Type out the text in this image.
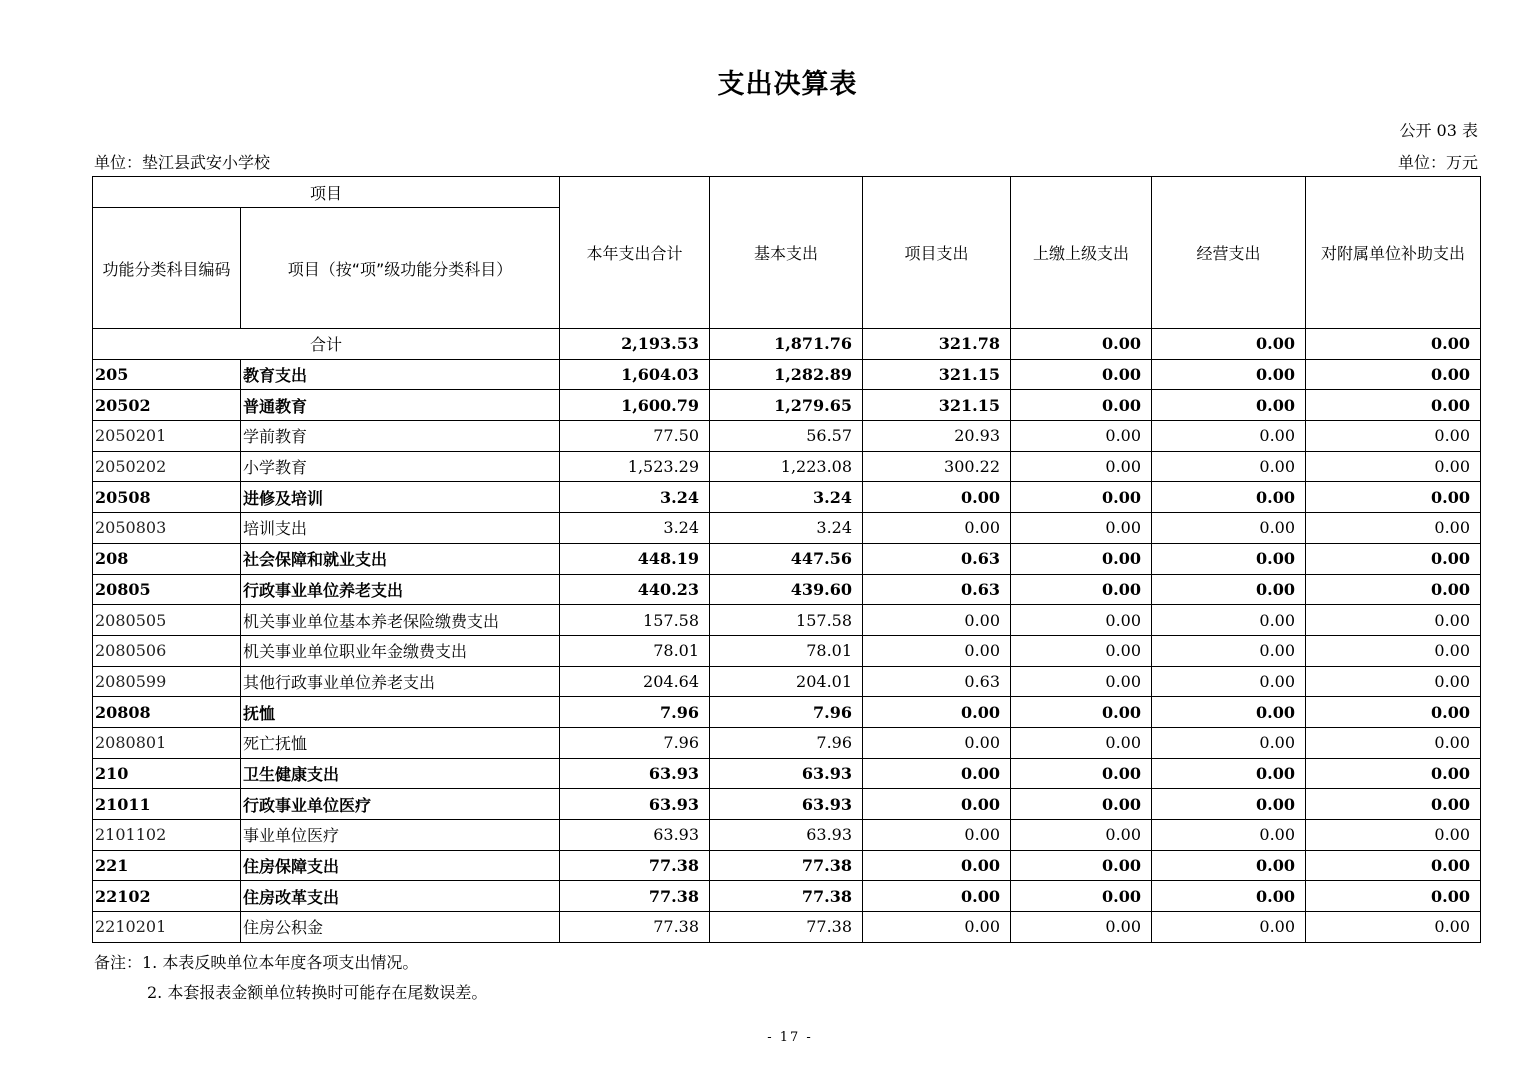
支出决算表
公开 03 表
单位：垫江县武安小学校	单位：万元
项目		本年支出合计	基本支出	项目支出	上缴上级支出	经营支出	对附属单位补助支出
功能分类科目编码	项目（按“项”级功能分类科目）						
合计		2,193.53	1,871.76	321.78	0.00	0.00	0.00
205	教育支出	1,604.03	1,282.89	321.15	0.00	0.00	0.00
20502	普通教育	1,600.79	1,279.65	321.15	0.00	0.00	0.00
2050201	学前教育	77.50	56.57	20.93	0.00	0.00	0.00
2050202	小学教育	1,523.29	1,223.08	300.22	0.00	0.00	0.00
20508	进修及培训	3.24	3.24	0.00	0.00	0.00	0.00
2050803	培训支出	3.24	3.24	0.00	0.00	0.00	0.00
208	社会保障和就业支出	448.19	447.56	0.63	0.00	0.00	0.00
20805	行政事业单位养老支出	440.23	439.60	0.63	0.00	0.00	0.00
2080505	机关事业单位基本养老保险缴费支出	157.58	157.58	0.00	0.00	0.00	0.00
2080506	机关事业单位职业年金缴费支出	78.01	78.01	0.00	0.00	0.00	0.00
2080599	其他行政事业单位养老支出	204.64	204.01	0.63	0.00	0.00	0.00
20808	抚恤	7.96	7.96	0.00	0.00	0.00	0.00
2080801	死亡抚恤	7.96	7.96	0.00	0.00	0.00	0.00
210	卫生健康支出	63.93	63.93	0.00	0.00	0.00	0.00
21011	行政事业单位医疗	63.93	63.93	0.00	0.00	0.00	0.00
2101102	事业单位医疗	63.93	63.93	0.00	0.00	0.00	0.00
221	住房保障支出	77.38	77.38	0.00	0.00	0.00	0.00
22102	住房改革支出	77.38	77.38	0.00	0.00	0.00	0.00
2210201	住房公积金	77.38	77.38	0.00	0.00	0.00	0.00
备注：1. 本表反映单位本年度各项支出情况。
2. 本套报表金额单位转换时可能存在尾数误差。
- 17 -
